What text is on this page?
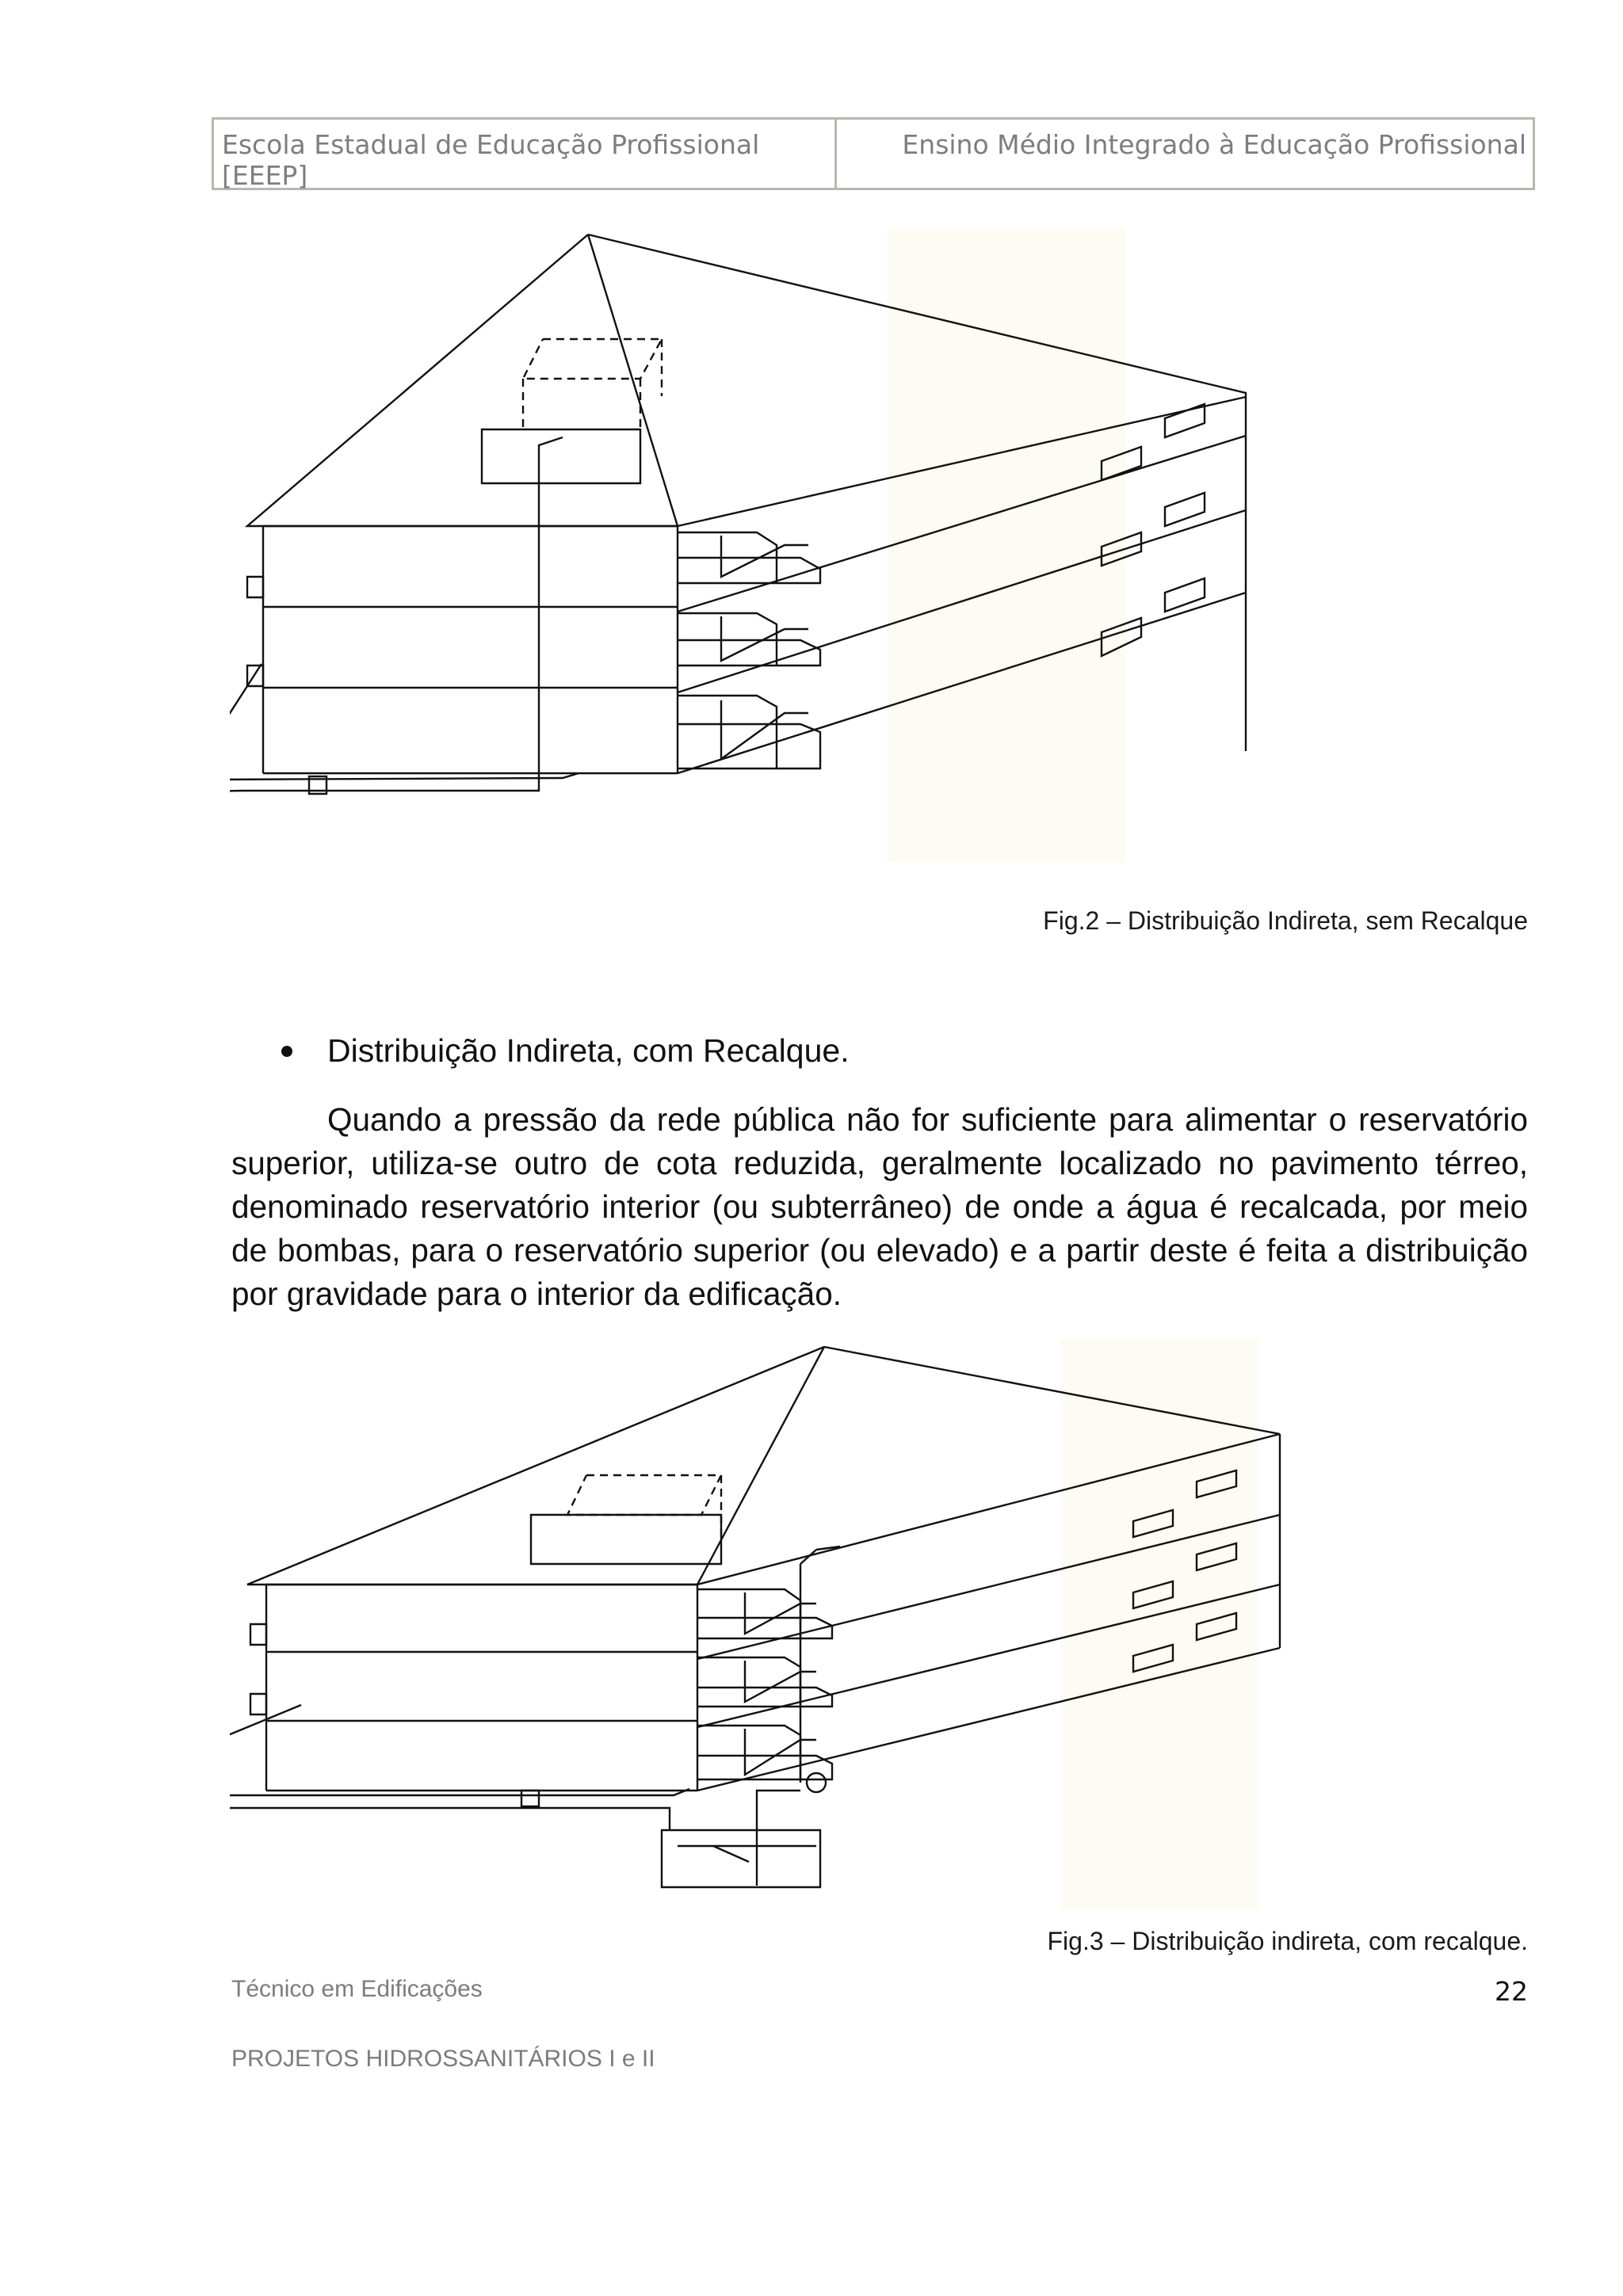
Escola Estadual de Educação Profissional [EEEP]
Ensino Médio Integrado à Educação Profissional
Fig.2 – Distribuição Indireta, sem Recalque
Distribuição Indireta, com Recalque.
Quando a pressão da rede pública não for suficiente para alimentar o reservatório superior, utiliza-se outro de cota reduzida, geralmente localizado no pavimento térreo, denominado reservatório interior (ou subterrâneo) de onde a água é recalcada, por meio de bombas, para o reservatório superior (ou elevado) e a partir deste é feita a distribuição por gravidade para o interior da edificação.
Fig.3 – Distribuição indireta, com recalque.
Técnico em Edificações	22
PROJETOS HIDROSSANITÁRIOS I e II
